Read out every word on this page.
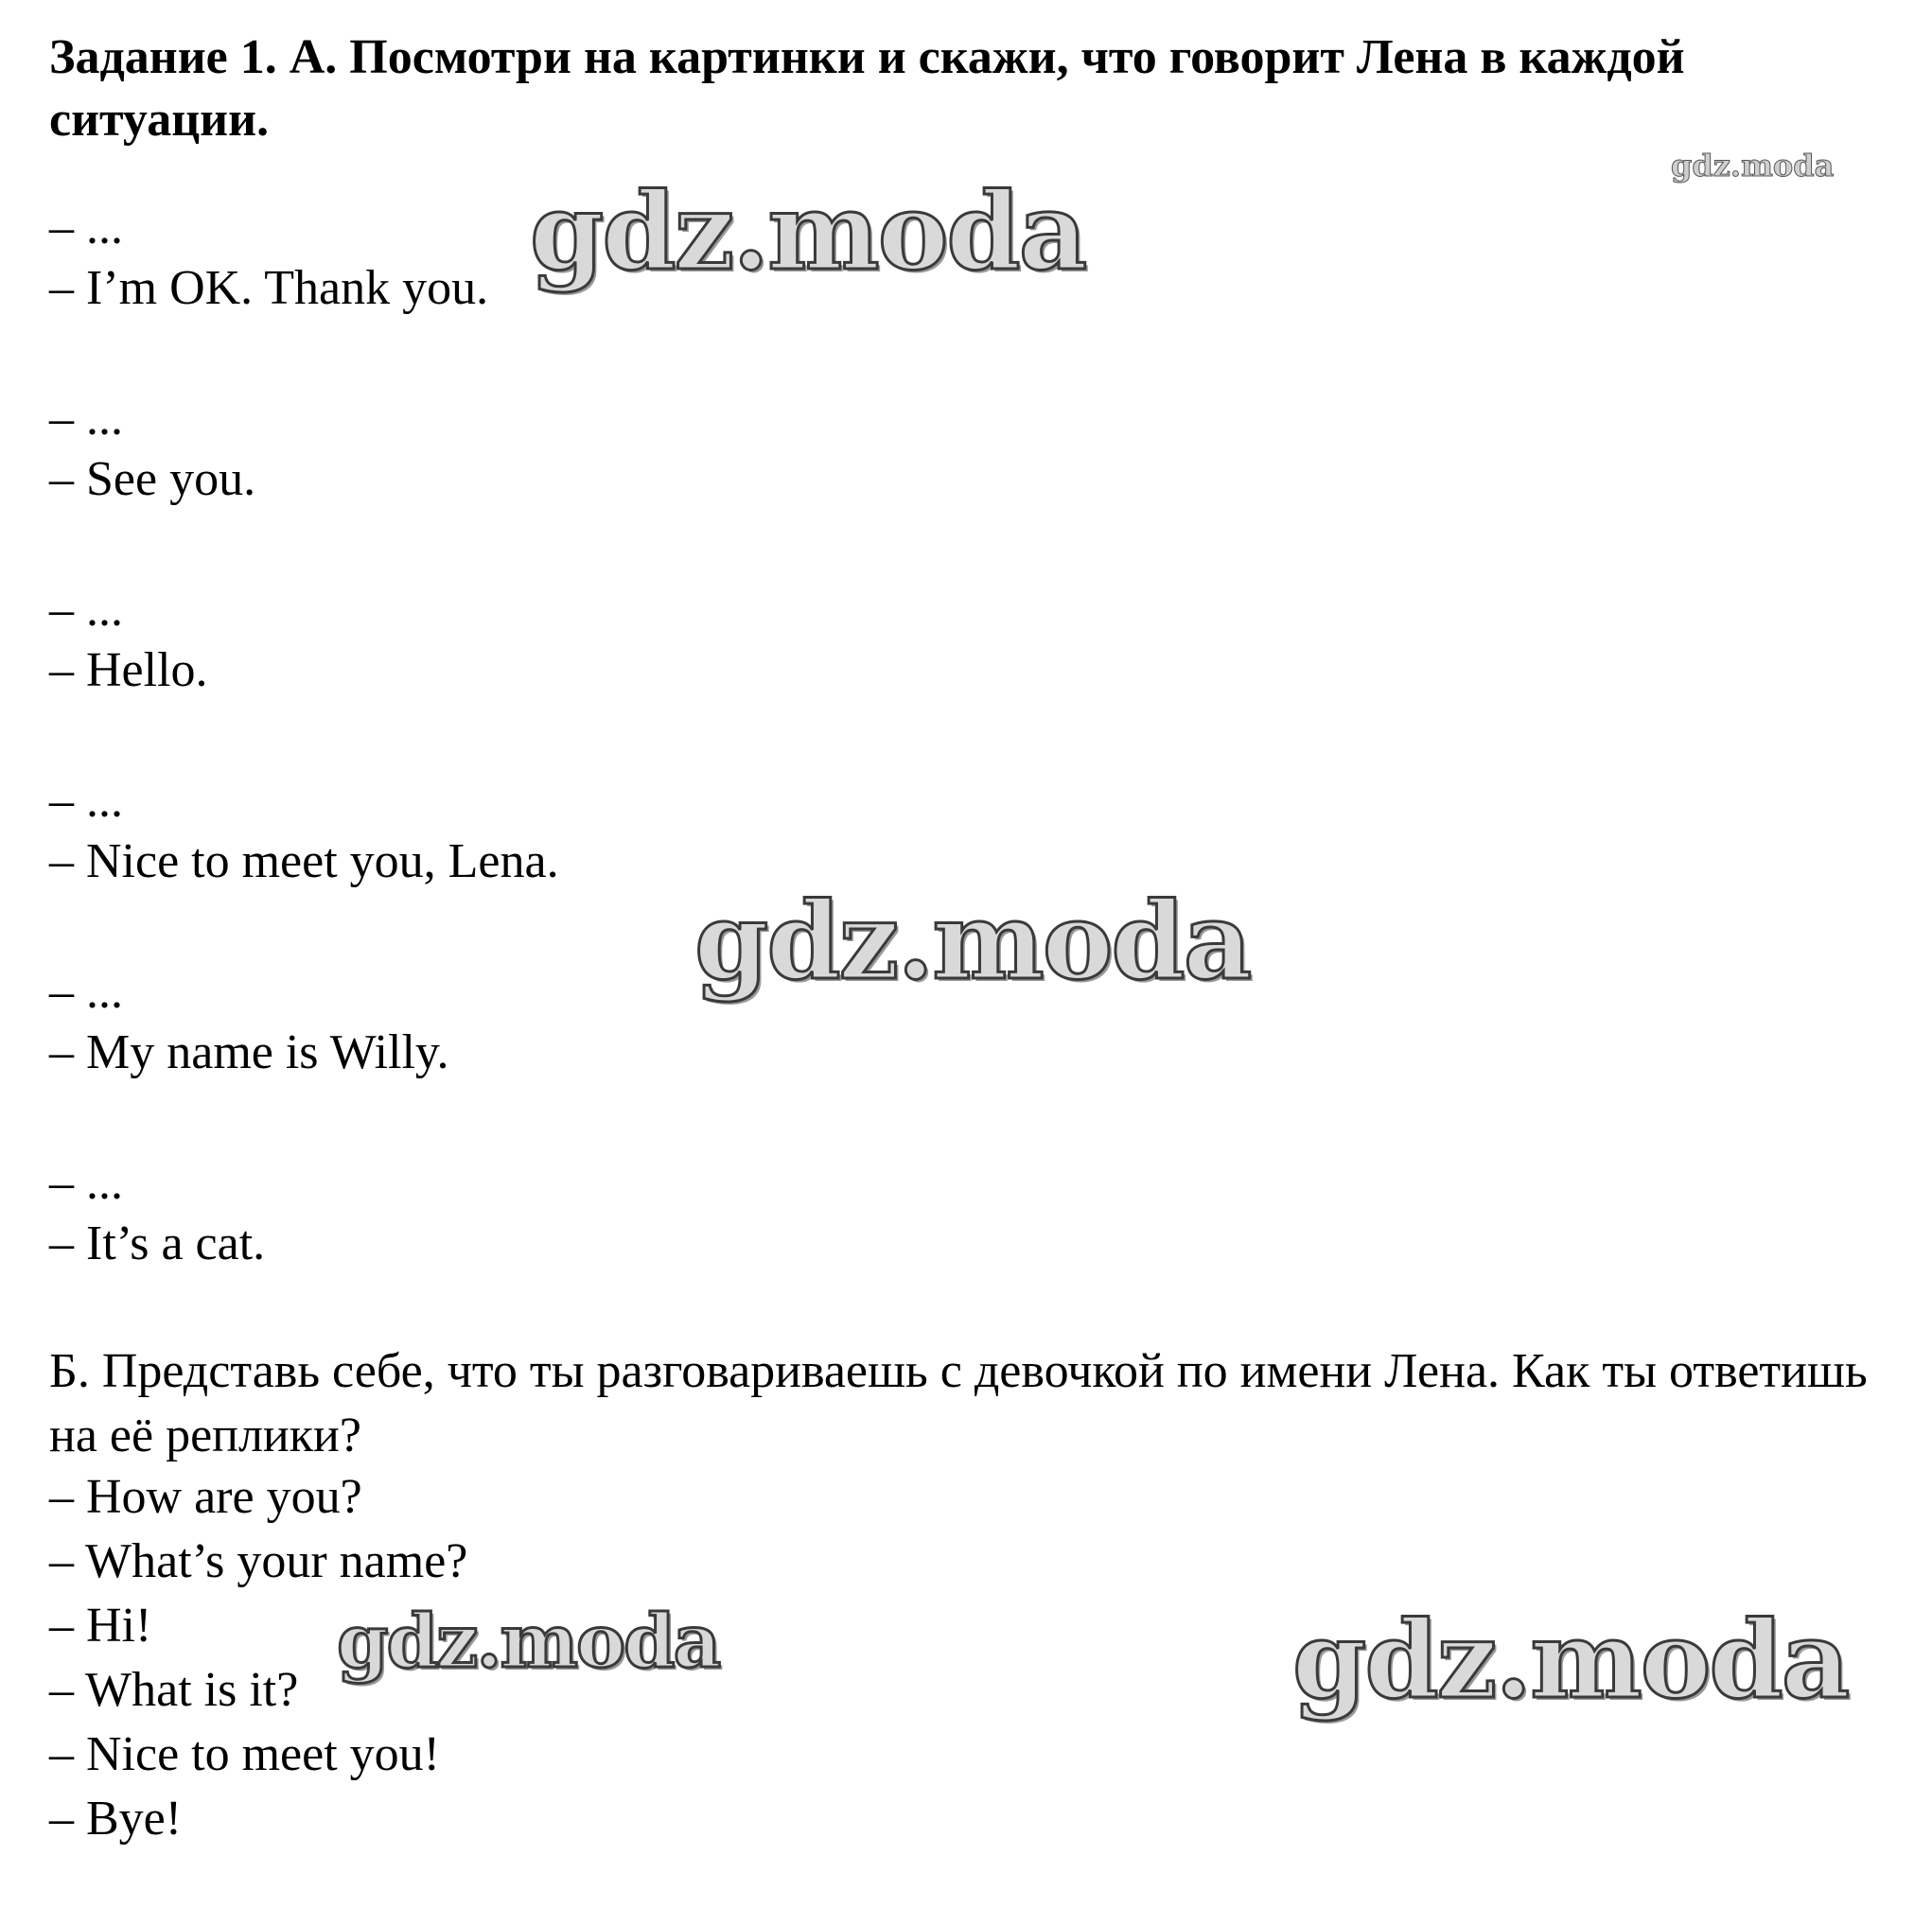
Задание 1. А. Посмотри на картинки и скажи, что говорит Лена в каждой ситуации.
– ...
– I’m OK. Thank you.
– ...
– See you.
– ...
– Hello.
– ...
– Nice to meet you, Lena.
– ...
– My name is Willy.
– ...
– It’s a cat.
Б. Представь себе, что ты разговариваешь с девочкой по имени Лена. Как ты ответишь на её реплики?
– How are you?
– What’s your name?
– Hi!
– What is it?
– Nice to meet you!
– Bye!
gdz.moda
gdz.moda
gdz.moda
gdz.moda	gdz.moda
